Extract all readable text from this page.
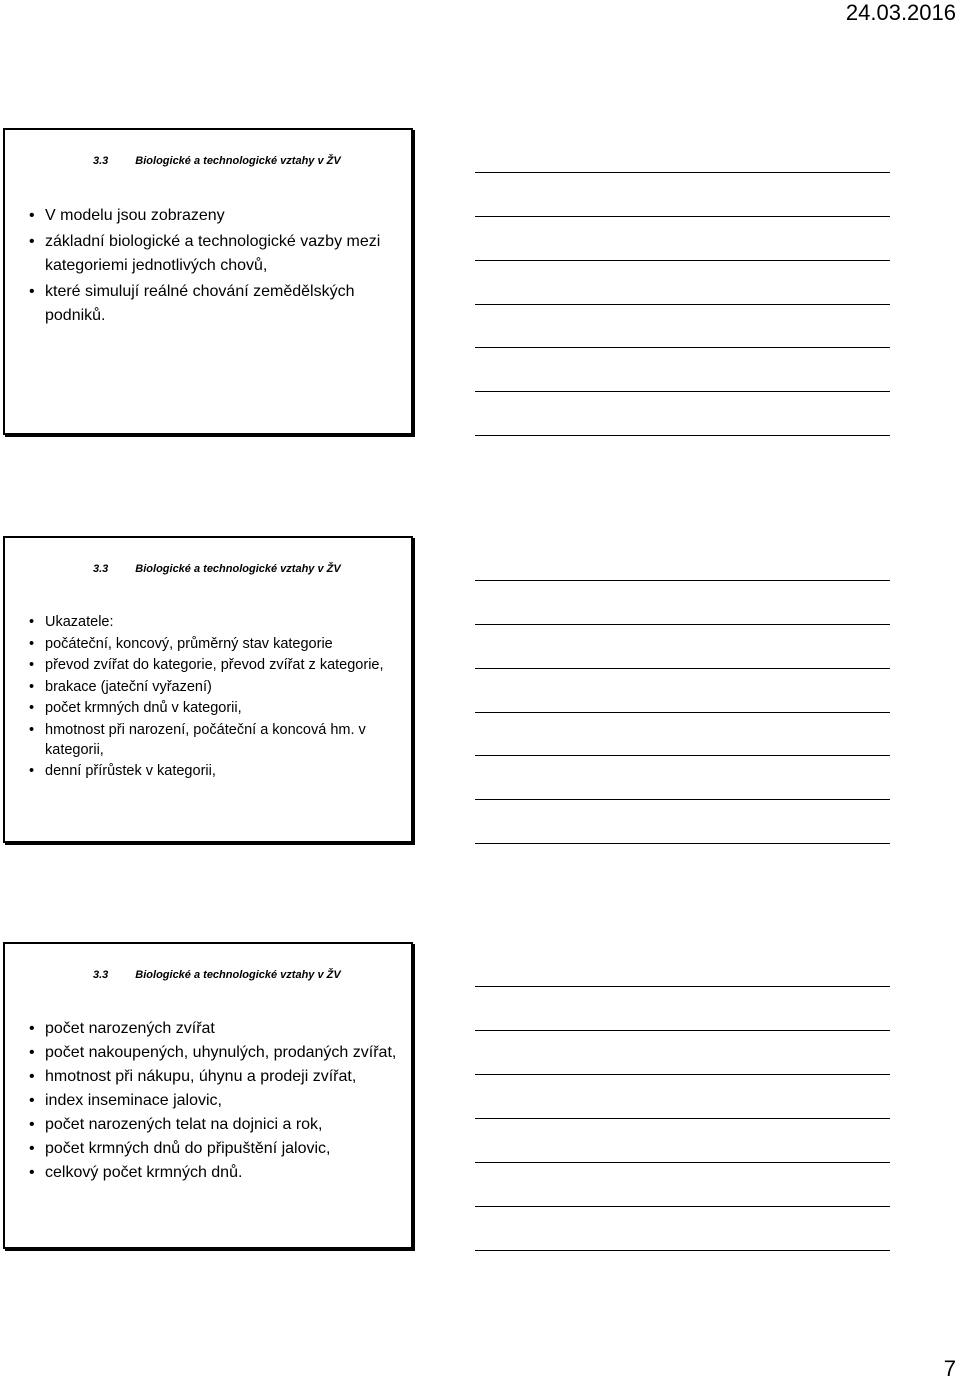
24.03.2016
3.3 Biologické a technologické vztahy v ŽV
• V modelu jsou zobrazeny
• základní biologické a technologické vazby mezi kategoriemi jednotlivých chovů,
• které simulují reálné chování zemědělských podniků.
3.3 Biologické a technologické vztahy v ŽV
• Ukazatele:
• počáteční, koncový, průměrný stav kategorie
• převod zvířat do kategorie, převod zvířat z kategorie,
• brakace (jateční vyřazení)
• počet krmných dnů v kategorii,
• hmotnost při narození, počáteční a koncová hm. v kategorii,
• denní přírůstek v kategorii,
3.3 Biologické a technologické vztahy v ŽV
• počet narozených zvířat
• počet nakoupených, uhynulých, prodaných zvířat,
• hmotnost při nákupu, úhynu a prodeji zvířat,
• index inseminace jalovic,
• počet narozených telat na dojnici a rok,
• počet krmných dnů do připuštění jalovic,
• celkový počet krmných dnů.
7
